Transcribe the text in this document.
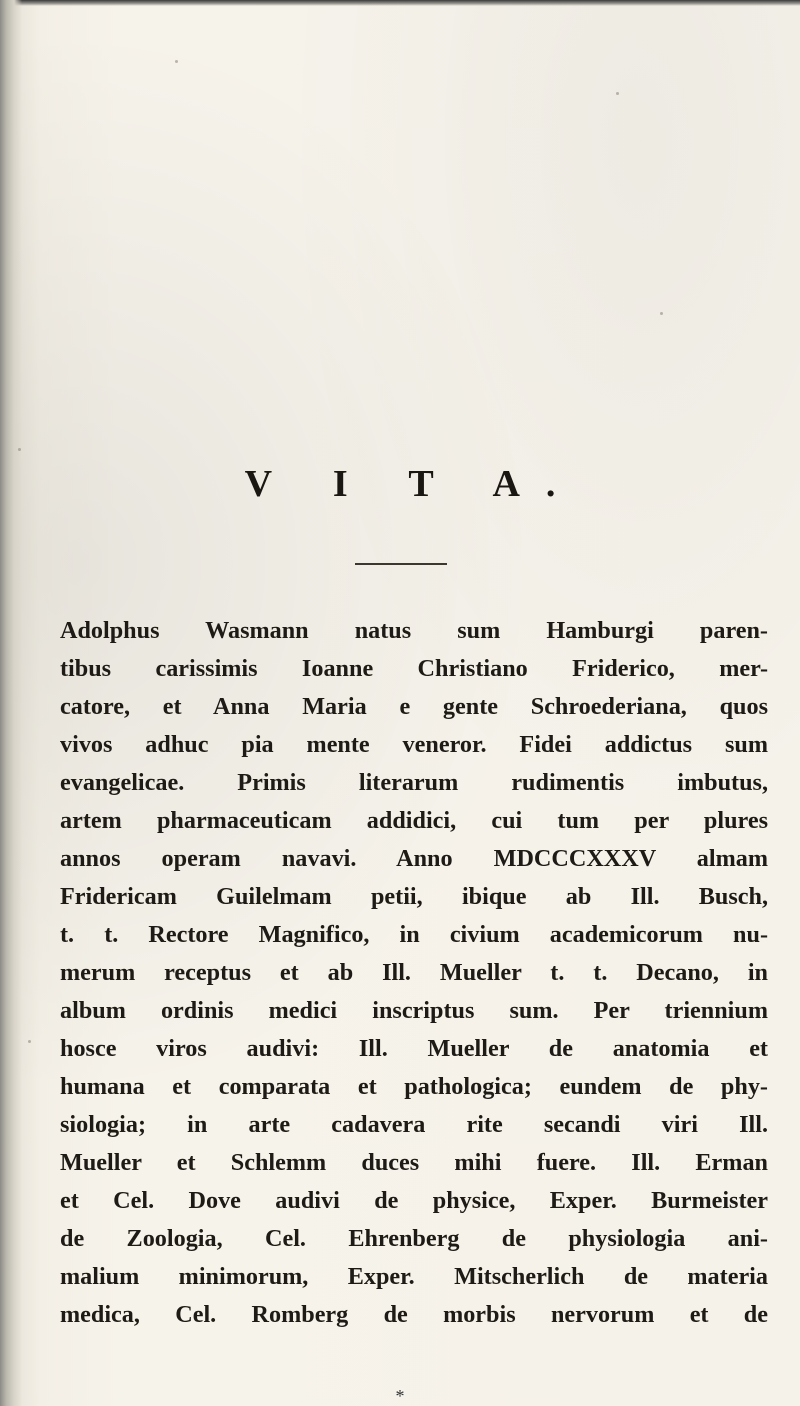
V I T A.
Adolphus Wasmann natus sum Hamburgi paren-
tibus carissimis Ioanne Christiano Friderico, mer-
catore, et Anna Maria e gente Schroederiana, quos
vivos adhuc pia mente veneror. Fidei addictus sum
evangelicae. Primis literarum rudimentis imbutus,
artem pharmaceuticam addidici, cui tum per plures
annos operam navavi. Anno MDCCCXXXV almam
Fridericam Guilelmam petii, ibique ab Ill. Busch,
t. t. Rectore Magnifico, in civium academicorum nu-
merum receptus et ab Ill. Mueller t. t. Decano, in
album ordinis medici inscriptus sum. Per triennium
hosce viros audivi: Ill. Mueller de anatomia et
humana et comparata et pathologica; eundem de phy-
siologia; in arte cadavera rite secandi viri Ill.
Mueller et Schlemm duces mihi fuere. Ill. Erman
et Cel. Dove audivi de physice, Exper. Burmeister
de Zoologia, Cel. Ehrenberg de physiologia ani-
malium minimorum, Exper. Mitscherlich de materia
medica, Cel. Romberg de morbis nervorum et de
*
